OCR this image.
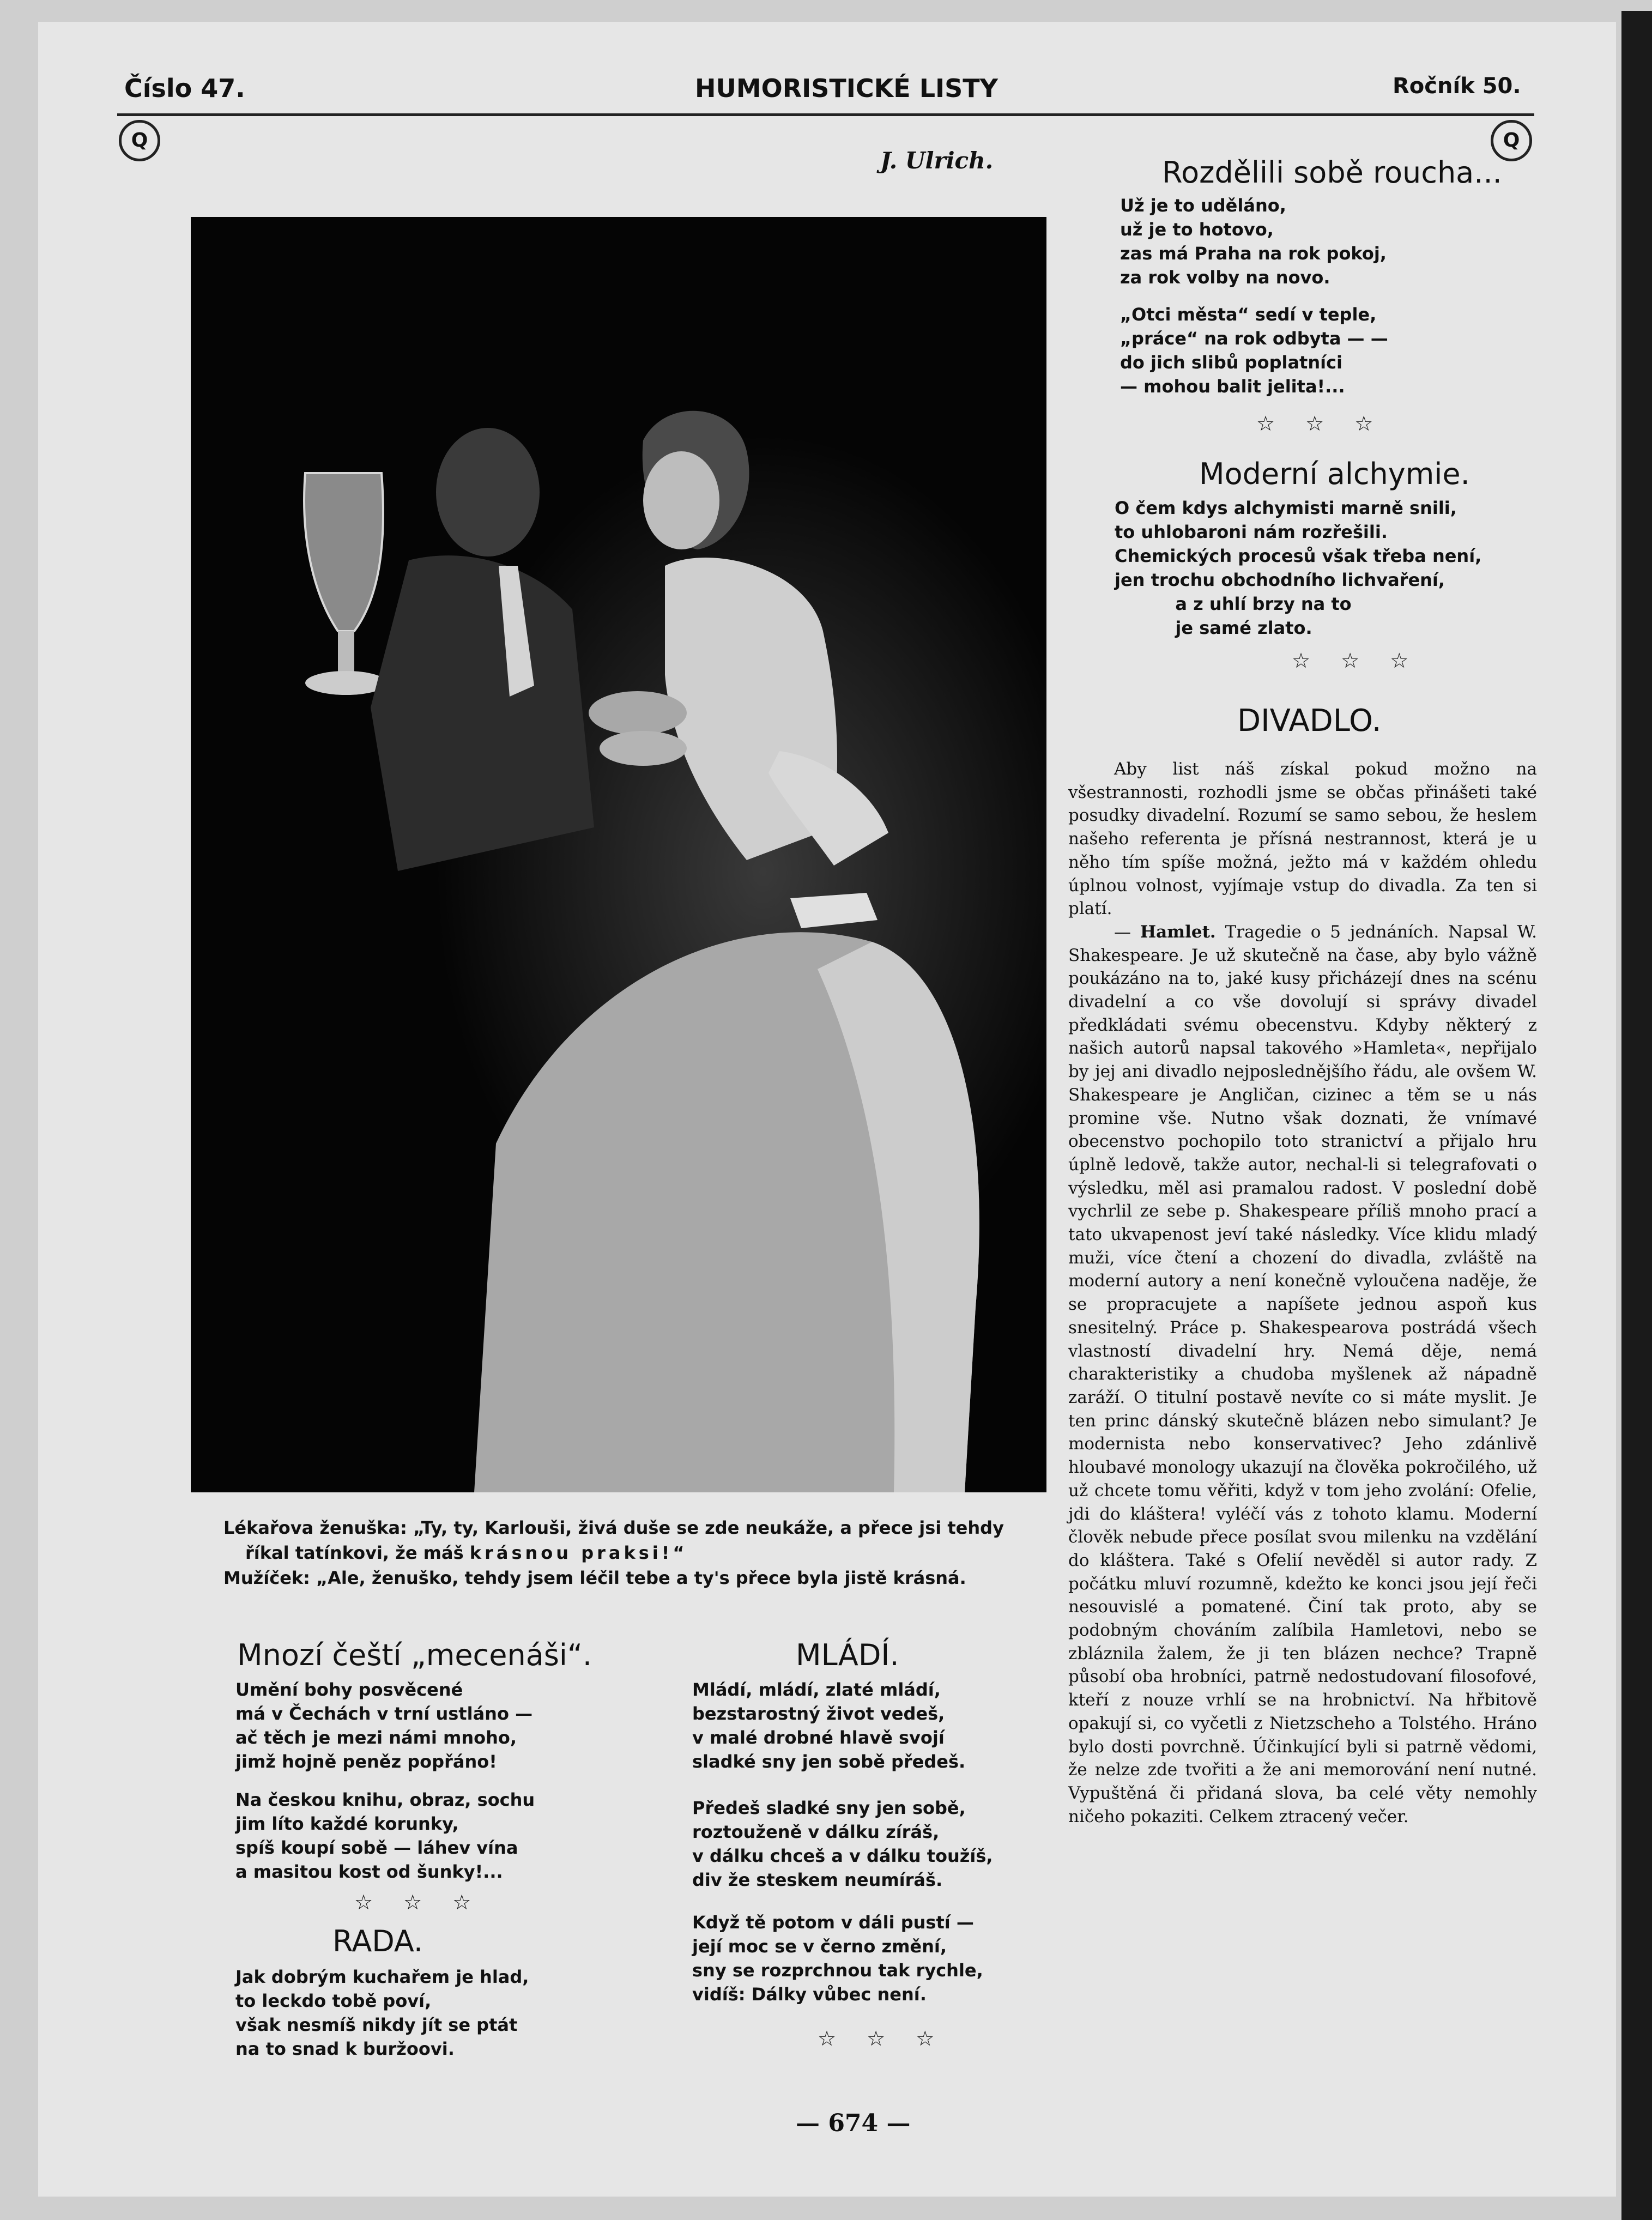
Číslo 47.	HUMORISTICKÉ LISTY	Ročník 50.
Q	Q
J. Ulrich.
Lékařova ženuška: „Ty, ty, Karlouši, živá duše se zde neukáže, a přece jsi tehdy
říkal tatínkovi, že máš krásnou praksi!“
Mužíček: „Ale, ženuško, tehdy jsem léčil tebe a ty's přece byla jistě krásná.
Rozdělili sobě roucha...
Už je to uděláno,
už je to hotovo,
zas má Praha na rok pokoj,
za rok volby na novo.
„Otci města“ sedí v teple,
„práce“ na rok odbyta — —
do jich slibů poplatníci
— mohou balit jelita!...
☆ ☆ ☆
Moderní alchymie.
O čem kdys alchymisti marně snili,
to uhlobaroni nám rozřešili.
Chemických procesů však třeba není,
jen trochu obchodního lichvaření,
a z uhlí brzy na to
je samé zlato.
☆ ☆ ☆
DIVADLO.

Aby list náš získal pokud možno na všestrannosti, rozhodli jsme se občas přinášeti také posudky divadelní. Rozumí se samo sebou, že heslem našeho referenta je přísná nestrannost, která je u něho tím spíše možná, ježto má v každém ohledu úplnou volnost, vyjímaje vstup do divadla. Za ten si platí.

— Hamlet. Tragedie o 5 jednáních. Napsal W. Shakespeare. Je už skutečně na čase, aby bylo vážně poukázáno na to, jaké kusy přicházejí dnes na scénu divadelní a co vše dovolují si správy divadel předkládati svému obecenstvu. Kdyby některý z našich autorů napsal takového »Hamleta«, nepřijalo by jej ani divadlo nejposlednějšího řádu, ale ovšem W. Shakespeare je Angličan, cizinec a těm se u nás promine vše. Nutno však doznati, že vnímavé obecenstvo pochopilo toto stranictví a přijalo hru úplně ledově, takže autor, nechal-li si telegrafovati o výsledku, měl asi pramalou radost. V poslední době vychrlil ze sebe p. Shakespeare příliš mnoho prací a tato ukvapenost jeví také následky. Více klidu mladý muži, více čtení a chození do divadla, zvláště na moderní autory a není konečně vyloučena naděje, že se propracujete a napíšete jednou aspoň kus snesitelný. Práce p. Shakespearova postrádá všech vlastností divadelní hry. Nemá děje, nemá charakteristiky a chudoba myšlenek až nápadně zaráží. O titulní postavě nevíte co si máte myslit. Je ten princ dánský skutečně blázen nebo simulant? Je modernista nebo konservativec? Jeho zdánlivě hloubavé monology ukazují na člověka pokročilého, už už chcete tomu věřiti, když v tom jeho zvolání: Ofelie, jdi do kláštera! vyléčí vás z tohoto klamu. Moderní člověk nebude přece posílat svou milenku na vzdělání do kláštera. Také s Ofelií nevěděl si autor rady. Z počátku mluví rozumně, kdežto ke konci jsou její řeči nesouvislé a pomatené. Činí tak proto, aby se podobným chováním zalíbila Hamletovi, nebo se zbláznila žalem, že ji ten blázen nechce? Trapně působí oba hrobníci, patrně nedostudovaní filosofové, kteří z nouze vrhlí se na hrobnictví. Na hřbitově opakují si, co vyčetli z Nietzscheho a Tolstého. Hráno bylo dosti povrchně. Účinkující byli si patrně vědomi, že nelze zde tvořiti a že ani memorování není nutné. Vypuštěná či přidaná slova, ba celé věty nemohly ničeho pokaziti. Celkem ztracený večer.

Mnozí čeští „mecenáši“.
Umění bohy posvěcené
má v Čechách v trní ustláno —
ač těch je mezi námi mnoho,
jimž hojně peněz popřáno!
Na českou knihu, obraz, sochu
jim líto každé korunky,
spíš koupí sobě — láhev vína
a masitou kost od šunky!...
☆ ☆ ☆
RADA.
Jak dobrým kuchařem je hlad,
to leckdo tobě poví,
však nesmíš nikdy jít se ptát
na to snad k buržoovi.
MLÁDÍ.
Mládí, mládí, zlaté mládí,
bezstarostný život vedeš,
v malé drobné hlavě svojí
sladké sny jen sobě předeš.
Předeš sladké sny jen sobě,
roztouženě v dálku zíráš,
v dálku chceš a v dálku toužíš,
div že steskem neumíráš.
Když tě potom v dáli pustí —
její moc se v černo změní,
sny se rozprchnou tak rychle,
vidíš: Dálky vůbec není.
☆ ☆ ☆
— 674 —
